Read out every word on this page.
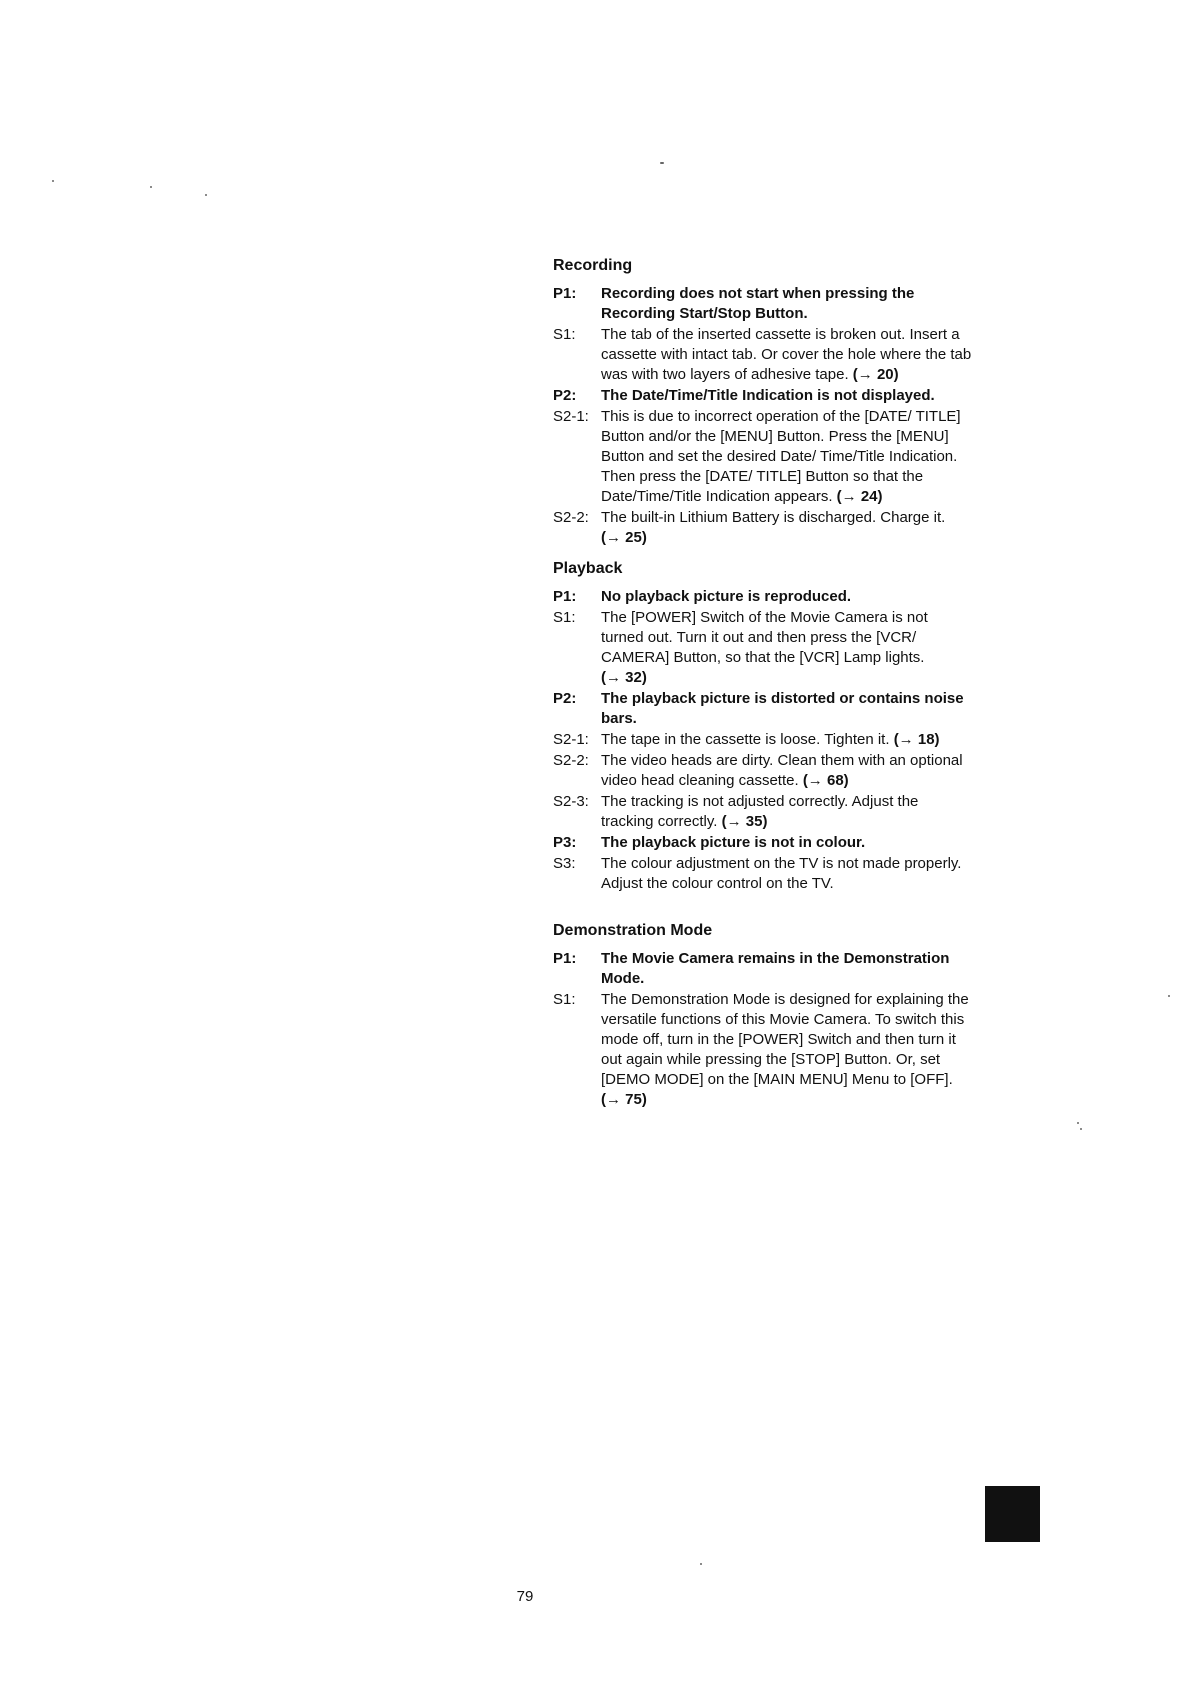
Recording
P1:	Recording does not start when pressing the Recording Start/Stop Button.
S1:	The tab of the inserted cassette is broken out. Insert a cassette with intact tab. Or cover the hole where the tab was with two layers of adhesive tape. (→ 20)
P2:	The Date/Time/Title Indication is not displayed.
S2-1: This is due to incorrect operation of the [DATE/ TITLE] Button and/or the [MENU] Button. Press the [MENU] Button and set the desired Date/ Time/Title Indication. Then press the [DATE/ TITLE] Button so that the Date/Time/Title Indication appears. (→ 24)
S2-2: The built-in Lithium Battery is discharged. Charge it. (→ 25)
Playback
P1:	No playback picture is reproduced.
S1:	The [POWER] Switch of the Movie Camera is not turned out. Turn it out and then press the [VCR/ CAMERA] Button, so that the [VCR] Lamp lights. (→ 32)
P2:	The playback picture is distorted or contains noise bars.
S2-1: The tape in the cassette is loose. Tighten it. (→ 18)
S2-2: The video heads are dirty. Clean them with an optional video head cleaning cassette. (→ 68)
S2-3: The tracking is not adjusted correctly. Adjust the tracking correctly. (→ 35)
P3:	The playback picture is not in colour.
S3:	The colour adjustment on the TV is not made properly. Adjust the colour control on the TV.
Demonstration Mode
P1:	The Movie Camera remains in the Demonstration Mode.
S1:	The Demonstration Mode is designed for explaining the versatile functions of this Movie Camera. To switch this mode off, turn in the [POWER] Switch and then turn it out again while pressing the [STOP] Button. Or, set [DEMO MODE] on the [MAIN MENU] Menu to [OFF]. (→ 75)
79
